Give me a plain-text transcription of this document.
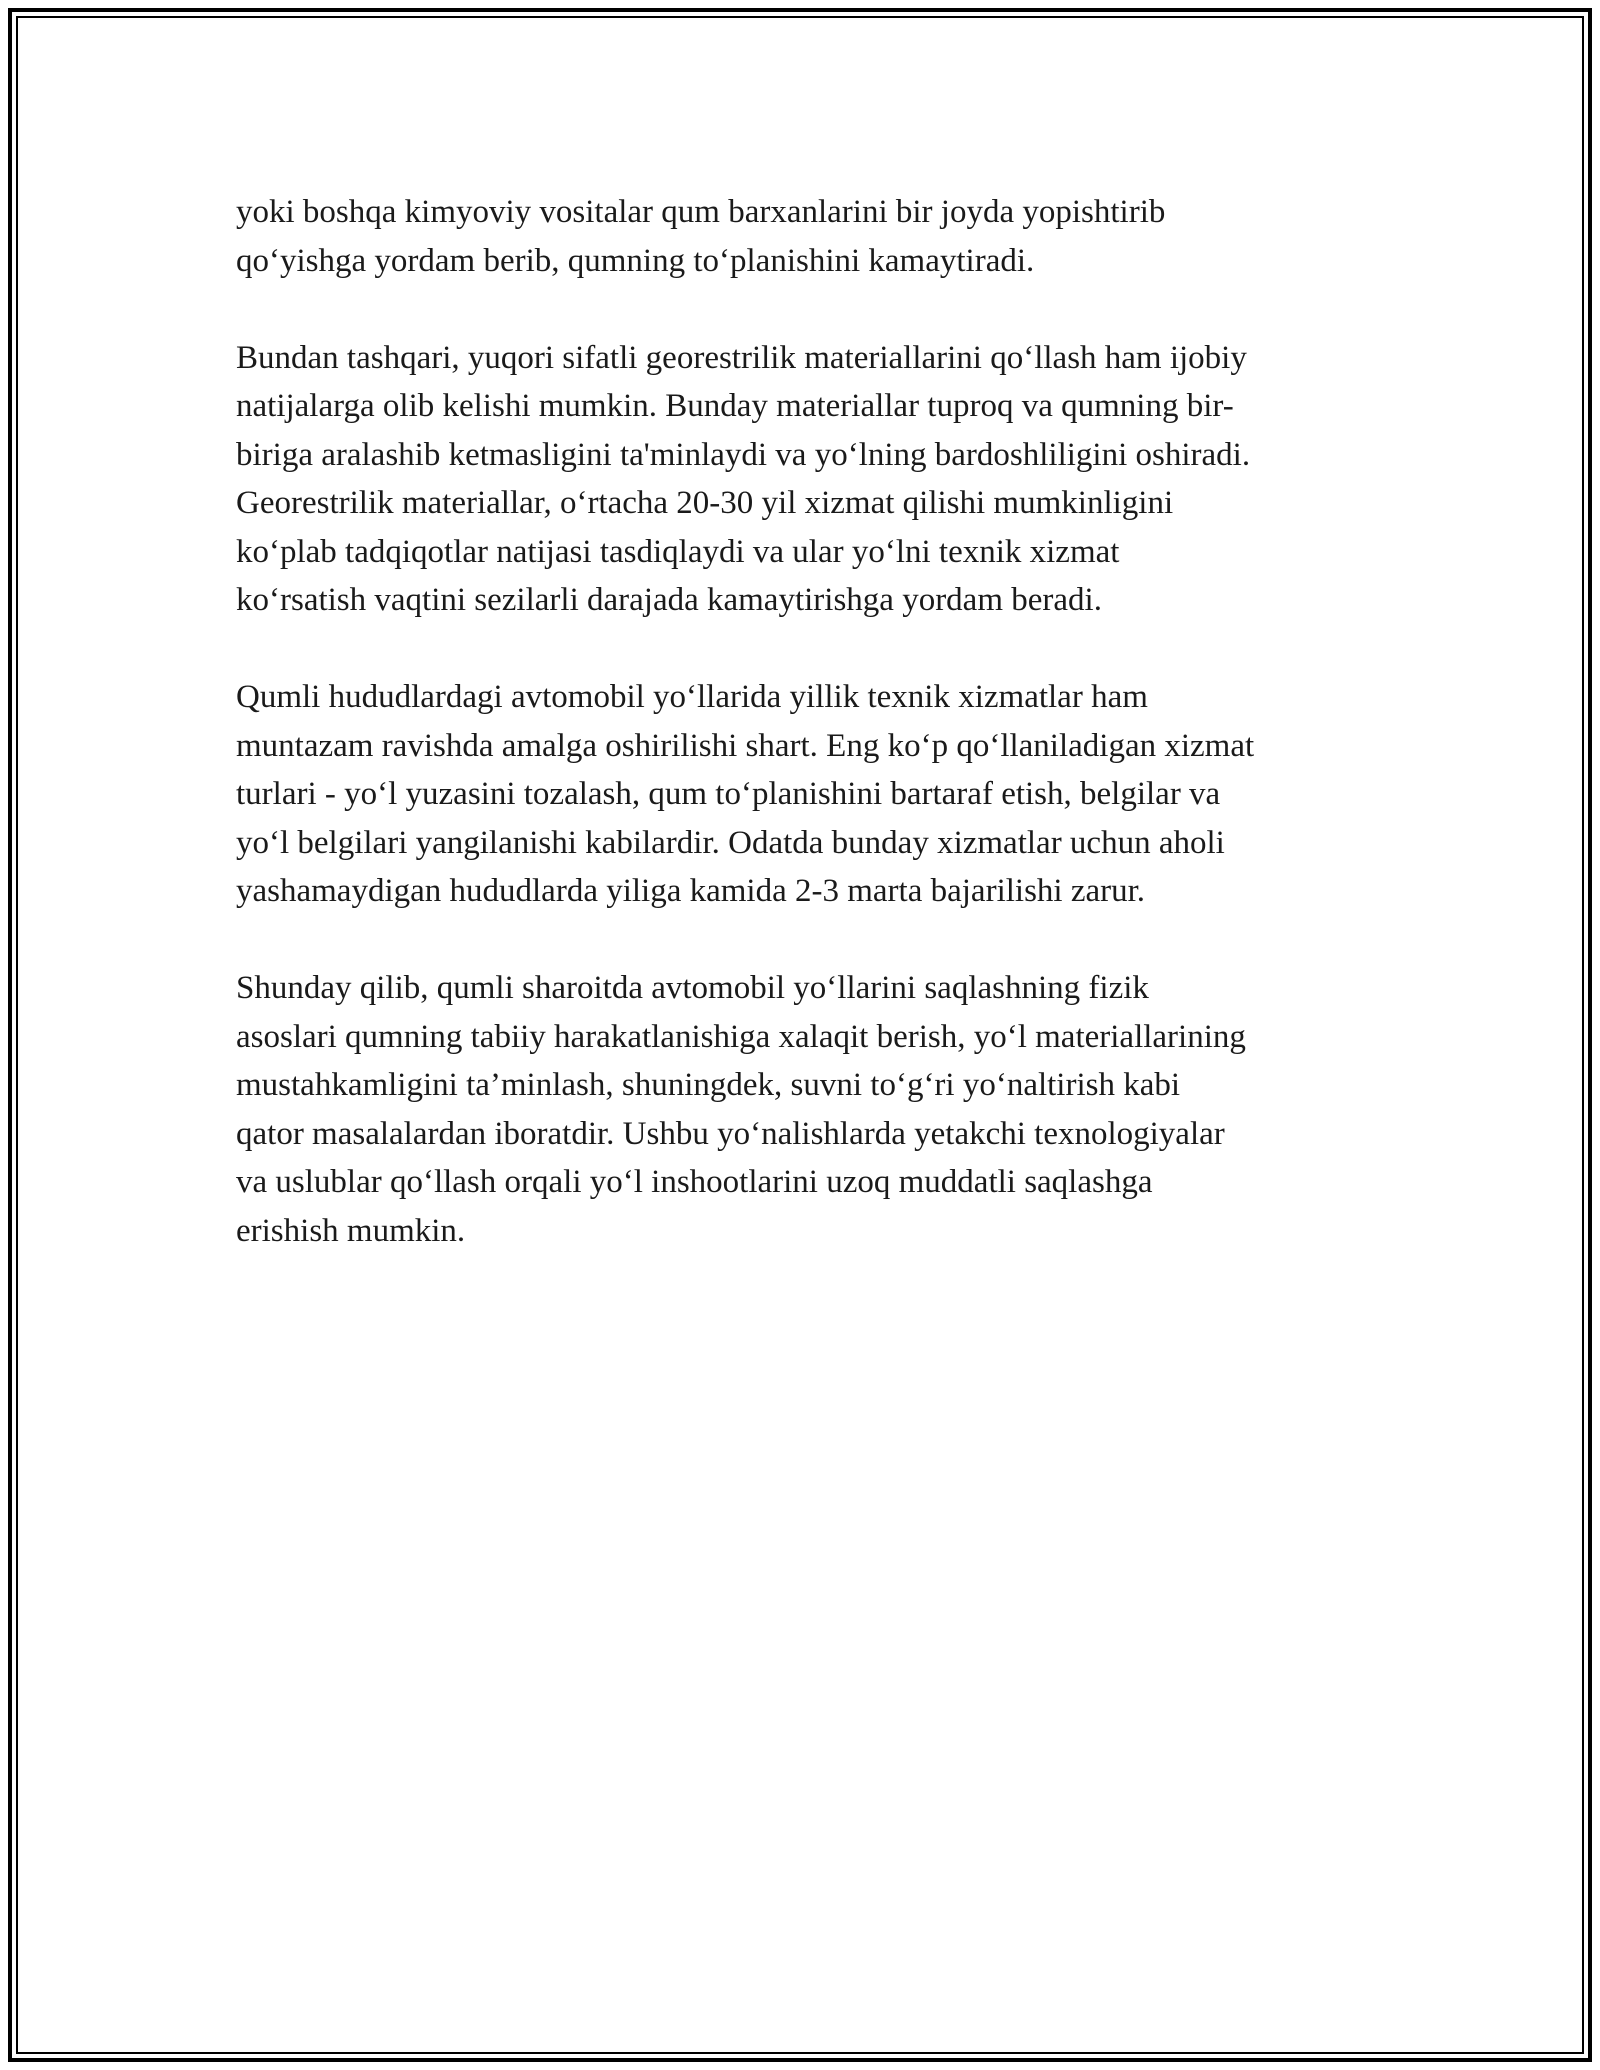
yoki boshqa kimyoviy vositalar qum barxanlarini bir joyda yopishtirib
qo‘yishga yordam berib, qumning to‘planishini kamaytiradi.

Bundan tashqari, yuqori sifatli georestrilik materiallarini qo‘llash ham ijobiy
natijalarga olib kelishi mumkin. Bunday materiallar tuproq va qumning bir-
biriga aralashib ketmasligini ta'minlaydi va yo‘lning bardoshliligini oshiradi.
Georestrilik materiallar, o‘rtacha 20-30 yil xizmat qilishi mumkinligini
ko‘plab tadqiqotlar natijasi tasdiqlaydi va ular yo‘lni texnik xizmat
ko‘rsatish vaqtini sezilarli darajada kamaytirishga yordam beradi.

Qumli hududlardagi avtomobil yo‘llarida yillik texnik xizmatlar ham
muntazam ravishda amalga oshirilishi shart. Eng ko‘p qo‘llaniladigan xizmat
turlari - yo‘l yuzasini tozalash, qum to‘planishini bartaraf etish, belgilar va
yo‘l belgilari yangilanishi kabilardir. Odatda bunday xizmatlar uchun aholi
yashamaydigan hududlarda yiliga kamida 2-3 marta bajarilishi zarur.

Shunday qilib, qumli sharoitda avtomobil yo‘llarini saqlashning fizik
asoslari qumning tabiiy harakatlanishiga xalaqit berish, yo‘l materiallarining
mustahkamligini ta’minlash, shuningdek, suvni to‘g‘ri yo‘naltirish kabi
qator masalalardan iboratdir. Ushbu yo‘nalishlarda yetakchi texnologiyalar
va uslublar qo‘llash orqali yo‘l inshootlarini uzoq muddatli saqlashga
erishish mumkin.
